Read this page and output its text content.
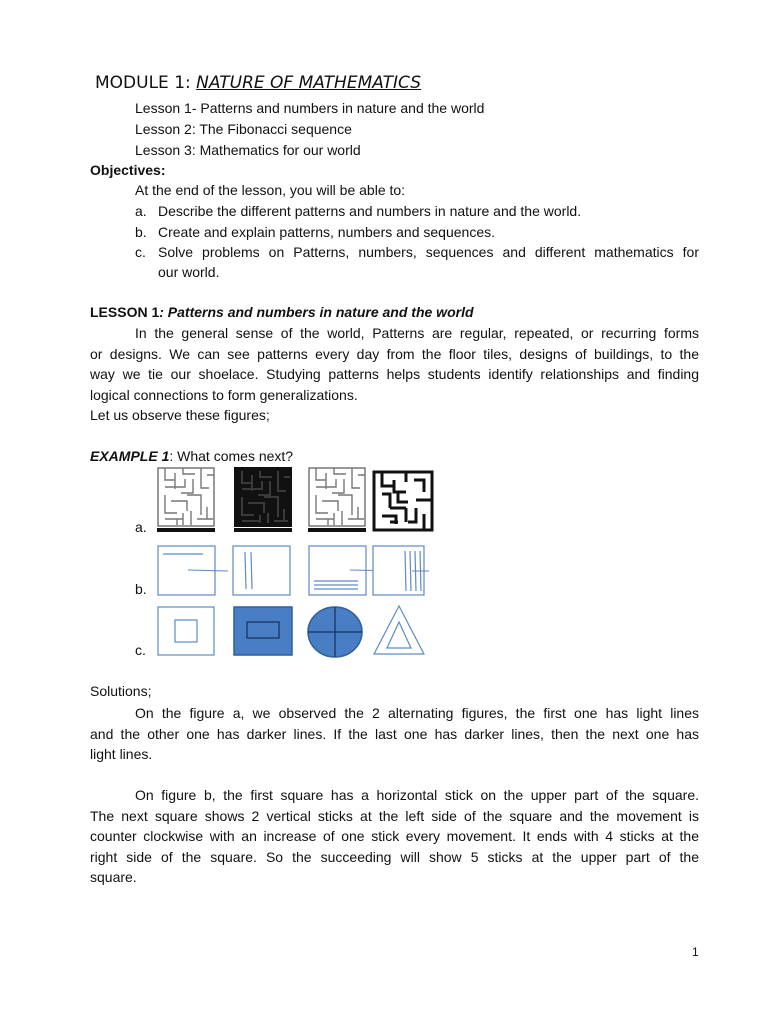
MODULE 1: NATURE OF MATHEMATICS
Lesson 1- Patterns and numbers in nature and the world
Lesson 2: The Fibonacci sequence
Lesson 3: Mathematics for our world
Objectives:
At the end of the lesson, you will be able to:
a. Describe the different patterns and numbers in nature and the world.
b. Create and explain patterns, numbers and sequences.
c. Solve problems on Patterns, numbers, sequences and different mathematics for
our world.
LESSON 1: Patterns and numbers in nature and the world
In the general sense of the world, Patterns are regular, repeated, or recurring forms
or designs. We can see patterns every day from the floor tiles, designs of buildings, to the
way we tie our shoelace. Studying patterns helps students identify relationships and finding
logical connections to form generalizations.
Let us observe these figures;
EXAMPLE 1: What comes next?
a.
b.
c.
Solutions;
On the figure a, we observed the 2 alternating figures, the first one has light lines
and the other one has darker lines. If the last one has darker lines, then the next one has
light lines.
On figure b, the first square has a horizontal stick on the upper part of the square.
The next square shows 2 vertical sticks at the left side of the square and the movement is
counter clockwise with an increase of one stick every movement. It ends with 4 sticks at the
right side of the square. So the succeeding will show 5 sticks at the upper part of the
square.
1
